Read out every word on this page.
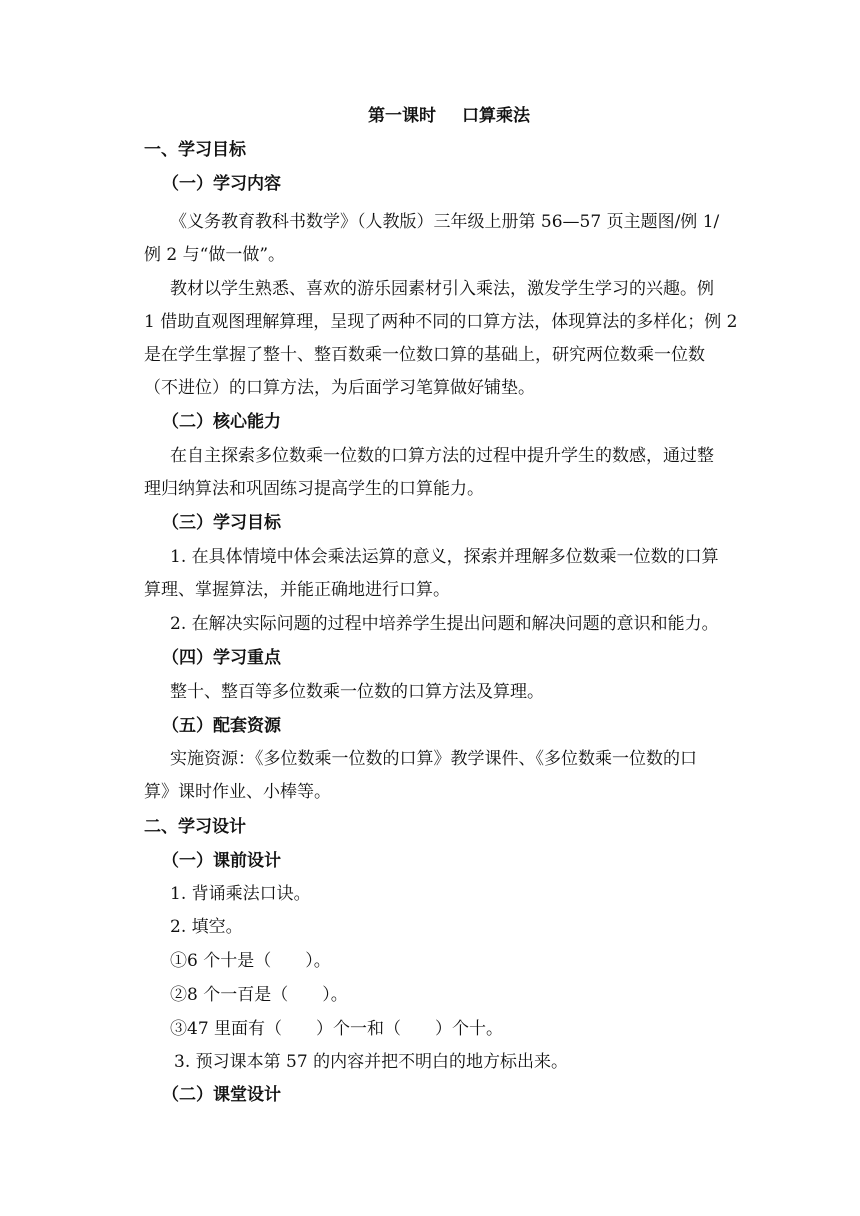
第一课时 口算乘法
一、学习目标
（一）学习内容
《义务教育教科书数学》（人教版）三年级上册第 56—57 页主题图/例 1/
例 2 与“做一做”。
教材以学生熟悉、喜欢的游乐园素材引入乘法，激发学生学习的兴趣。例
1 借助直观图理解算理，呈现了两种不同的口算方法，体现算法的多样化；例 2
是在学生掌握了整十、整百数乘一位数口算的基础上，研究两位数乘一位数
（不进位）的口算方法，为后面学习笔算做好铺垫。
（二）核心能力
在自主探索多位数乘一位数的口算方法的过程中提升学生的数感，通过整
理归纳算法和巩固练习提高学生的口算能力。
（三）学习目标
1. 在具体情境中体会乘法运算的意义，探索并理解多位数乘一位数的口算
算理、掌握算法，并能正确地进行口算。
2. 在解决实际问题的过程中培养学生提出问题和解决问题的意识和能力。
（四）学习重点
整十、整百等多位数乘一位数的口算方法及算理。
（五）配套资源
实施资源：《多位数乘一位数的口算》教学课件、《多位数乘一位数的口
算》课时作业、小棒等。
二、学习设计
（一）课前设计
1. 背诵乘法口诀。
2. 填空。
①6 个十是（　　）。
②8 个一百是（　　）。
③47 里面有（　　）个一和（　　）个十。
3. 预习课本第 57 的内容并把不明白的地方标出来。
（二）课堂设计
